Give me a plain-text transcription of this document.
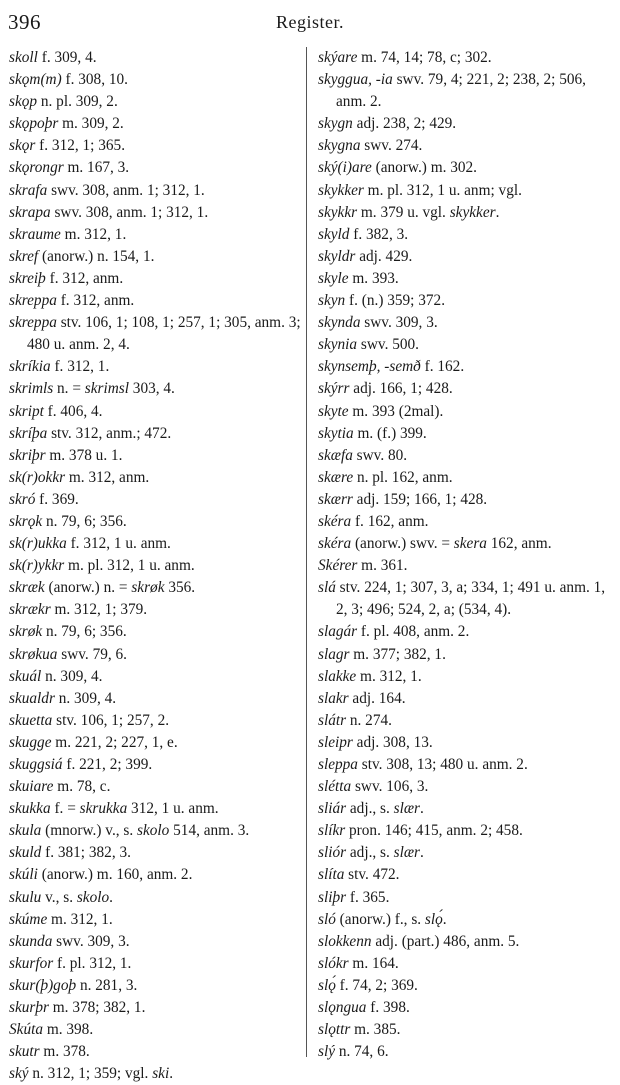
396	Register.
skoll f. 309, 4.
skǫm(m) f. 308, 10.
skǫp n. pl. 309, 2.
skǫpoþr m. 309, 2.
skǫr f. 312, 1; 365.
skǫrongr m. 167, 3.
skrafa swv. 308, anm. 1; 312, 1.
skrapa swv. 308, anm. 1; 312, 1.
skraume m. 312, 1.
skref (anorw.) n. 154, 1.
skreiþ f. 312, anm.
skreppa f. 312, anm.
skreppa stv. 106, 1; 108, 1; 257, 1; 305, anm. 3; 480 u. anm. 2, 4.
skríkia f. 312, 1.
skrimls n. = skrimsl 303, 4.
skript f. 406, 4.
skríþa stv. 312, anm.; 472.
skriþr m. 378 u. 1.
sk(r)okkr m. 312, anm.
skró f. 369.
skrǫk n. 79, 6; 356.
sk(r)ukka f. 312, 1 u. anm.
sk(r)ykkr m. pl. 312, 1 u. anm.
skræk (anorw.) n. = skrøk 356.
skrækr m. 312, 1; 379.
skrøk n. 79, 6; 356.
skrøkua swv. 79, 6.
skuál n. 309, 4.
skualdr n. 309, 4.
skuetta stv. 106, 1; 257, 2.
skugge m. 221, 2; 227, 1, e.
skuggsiá f. 221, 2; 399.
skuiare m. 78, c.
skukka f. = skrukka 312, 1 u. anm.
skula (mnorw.) v., s. skolo 514, anm. 3.
skuld f. 381; 382, 3.
skúli (anorw.) m. 160, anm. 2.
skulu v., s. skolo.
skúme m. 312, 1.
skunda swv. 309, 3.
skurfor f. pl. 312, 1.
skur(þ)goþ n. 281, 3.
skurþr m. 378; 382, 1.
Skúta m. 398.
skutr m. 378.
ský n. 312, 1; 359; vgl. ski.
skýare m. 74, 14; 78, c; 302.
skyggua, -ia swv. 79, 4; 221, 2; 238, 2; 506, anm. 2.
skygn adj. 238, 2; 429.
skygna swv. 274.
ský(i)are (anorw.) m. 302.
skykker m. pl. 312, 1 u. anm; vgl.
skykkr m. 379 u. vgl. skykker.
skyld f. 382, 3.
skyldr adj. 429.
skyle m. 393.
skyn f. (n.) 359; 372.
skynda swv. 309, 3.
skynia swv. 500.
skynsemþ, -semð f. 162.
skýrr adj. 166, 1; 428.
skyte m. 393 (2mal).
skytia m. (f.) 399.
skæfa swv. 80.
skære n. pl. 162, anm.
skærr adj. 159; 166, 1; 428.
skéra f. 162, anm.
skéra (anorw.) swv. = skera 162, anm.
Skérer m. 361.
slá stv. 224, 1; 307, 3, a; 334, 1; 491 u. anm. 1, 2, 3; 496; 524, 2, a; (534, 4).
slagár f. pl. 408, anm. 2.
slagr m. 377; 382, 1.
slakke m. 312, 1.
slakr adj. 164.
slátr n. 274.
sleipr adj. 308, 13.
sleppa stv. 308, 13; 480 u. anm. 2.
slétta swv. 106, 3.
sliár adj., s. slær.
slíkr pron. 146; 415, anm. 2; 458.
sliór adj., s. slær.
slíta stv. 472.
sliþr f. 365.
sló (anorw.) f., s. slǫ́.
slokkenn adj. (part.) 486, anm. 5.
slókr m. 164.
slǫ́ f. 74, 2; 369.
slǫngua f. 398.
slǫttr m. 385.
slý n. 74, 6.
